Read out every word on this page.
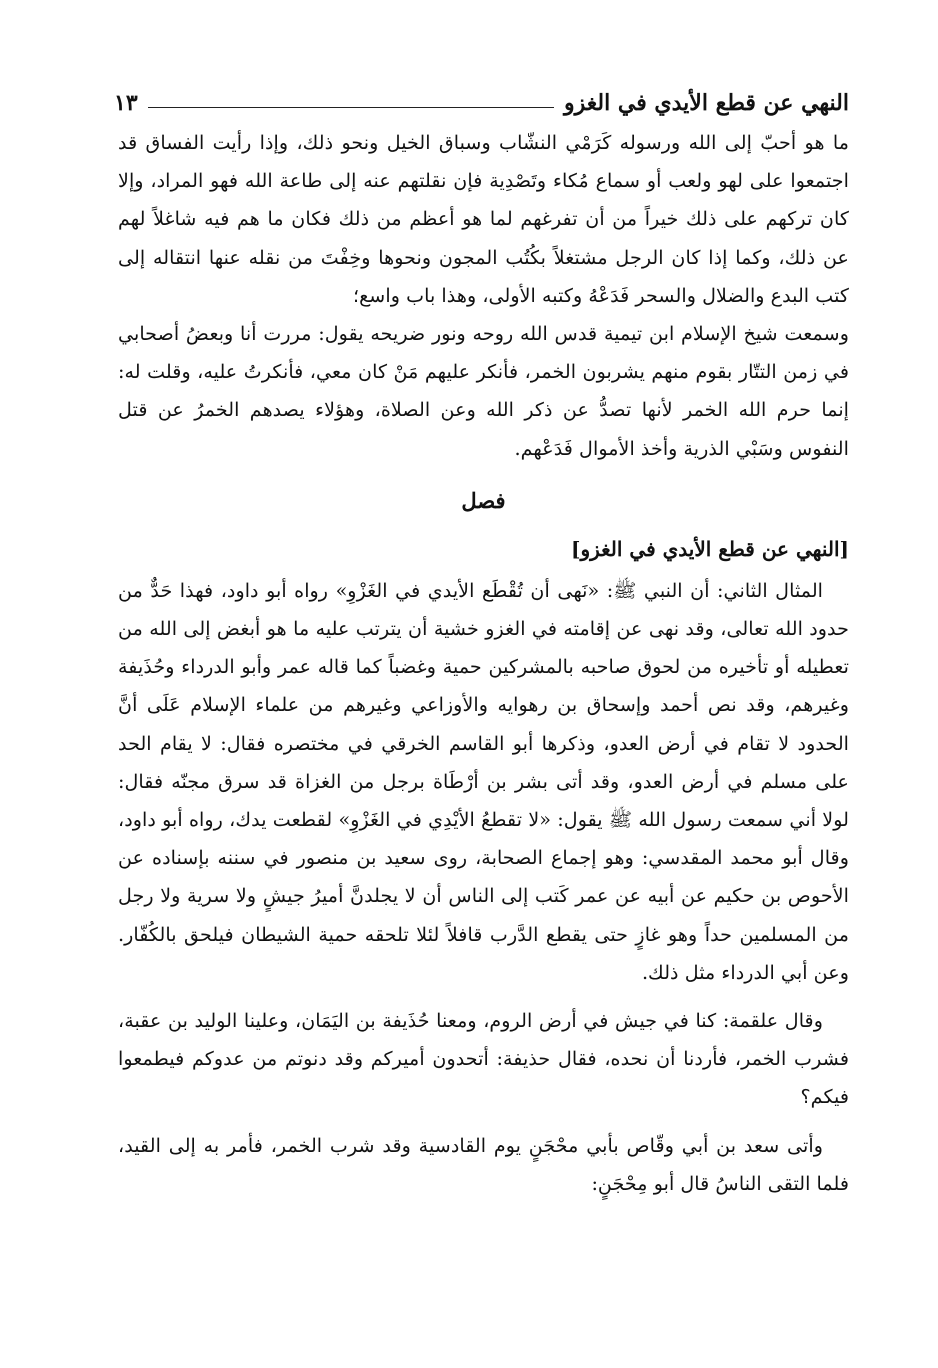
النهي عن قطع الأيدي في الغزو
١٣

ما هو أحبّ إلى الله ورسوله كَرَمْي النشّاب وسباق الخيل ونحو ذلك، وإذا رأيت الفساق قد اجتمعوا على لهو ولعب أو سماع مُكاء وتَصْدِية فإن نقلتهم عنه إلى طاعة الله فهو المراد، وإلا كان تركهم على ذلك خيراً من أن تفرغهم لما هو أعظم من ذلك فكان ما هم فيه شاغلاً لهم عن ذلك، وكما إذا كان الرجل مشتغلاً بكُتُب المجون ونحوها وخِفْتَ من نقله عنها انتقاله إلى كتب البدع والضلال والسحر فَدَعْهُ وكتبه الأولى، وهذا باب واسع؛

وسمعت شيخ الإسلام ابن تيمية قدس الله روحه ونور ضريحه يقول: مررت أنا وبعضُ أصحابي في زمن التتّار بقوم منهم يشربون الخمر، فأنكر عليهم مَنْ كان معي، فأنكرتُ عليه، وقلت له: إنما حرم الله الخمر لأنها تصدُّ عن ذكر الله وعن الصلاة، وهؤلاء يصدهم الخمرُ عن قتل النفوس وسَبْي الذرية وأخذ الأموال فَدَعْهم.

فصل
[النهي عن قطع الأيدي في الغزو]

المثال الثاني: أن النبي ﷺ: «نَهى أن تُقْطَع الأيدي في الغَزْوِ» رواه أبو داود، فهذا حَدٌّ من حدود الله تعالى، وقد نهى عن إقامته في الغزو خشية أن يترتب عليه ما هو أبغض إلى الله من تعطيله أو تأخيره من لحوق صاحبه بالمشركين حمية وغضباً كما قاله عمر وأبو الدرداء وحُذَيفة وغيرهم، وقد نص أحمد وإسحاق بن رهوايه والأوزاعي وغيرهم من علماء الإسلام عَلَى أنَّ الحدود لا تقام في أرض العدو، وذكرها أبو القاسم الخرقي في مختصره فقال: لا يقام الحد على مسلم في أرض العدو، وقد أتى بشر بن أرْطَاة برجل من الغزاة قد سرق مجنّه فقال: لولا أني سمعت رسول الله ﷺ يقول: «لا تقطعُ الأيْدِي في الغَزْوِ» لقطعت يدك، رواه أبو داود، وقال أبو محمد المقدسي: وهو إجماع الصحابة، روى سعيد بن منصور في سننه بإسناده عن الأحوص بن حكيم عن أبيه عن عمر كَتب إلى الناس أن لا يجلدنَّ أميرُ جيشٍ ولا سرية ولا رجل من المسلمين حداً وهو غازٍ حتى يقطع الدَّرب قافلاً لئلا تلحقه حمية الشيطان فيلحق بالكُفّار. وعن أبي الدرداء مثل ذلك.

وقال علقمة: كنا في جيش في أرض الروم، ومعنا حُذَيفة بن اليَمَان، وعلينا الوليد بن عقبة، فشرب الخمر، فأردنا أن نحده، فقال حذيفة: أتحدون أميركم وقد دنوتم من عدوكم فيطمعوا فيكم؟

وأتى سعد بن أبي وقّاص بأبي محْجَنٍ يوم القادسية وقد شرب الخمر، فأمر به إلى القيد، فلما التقى الناسُ قال أبو مِحْجَنٍ:
